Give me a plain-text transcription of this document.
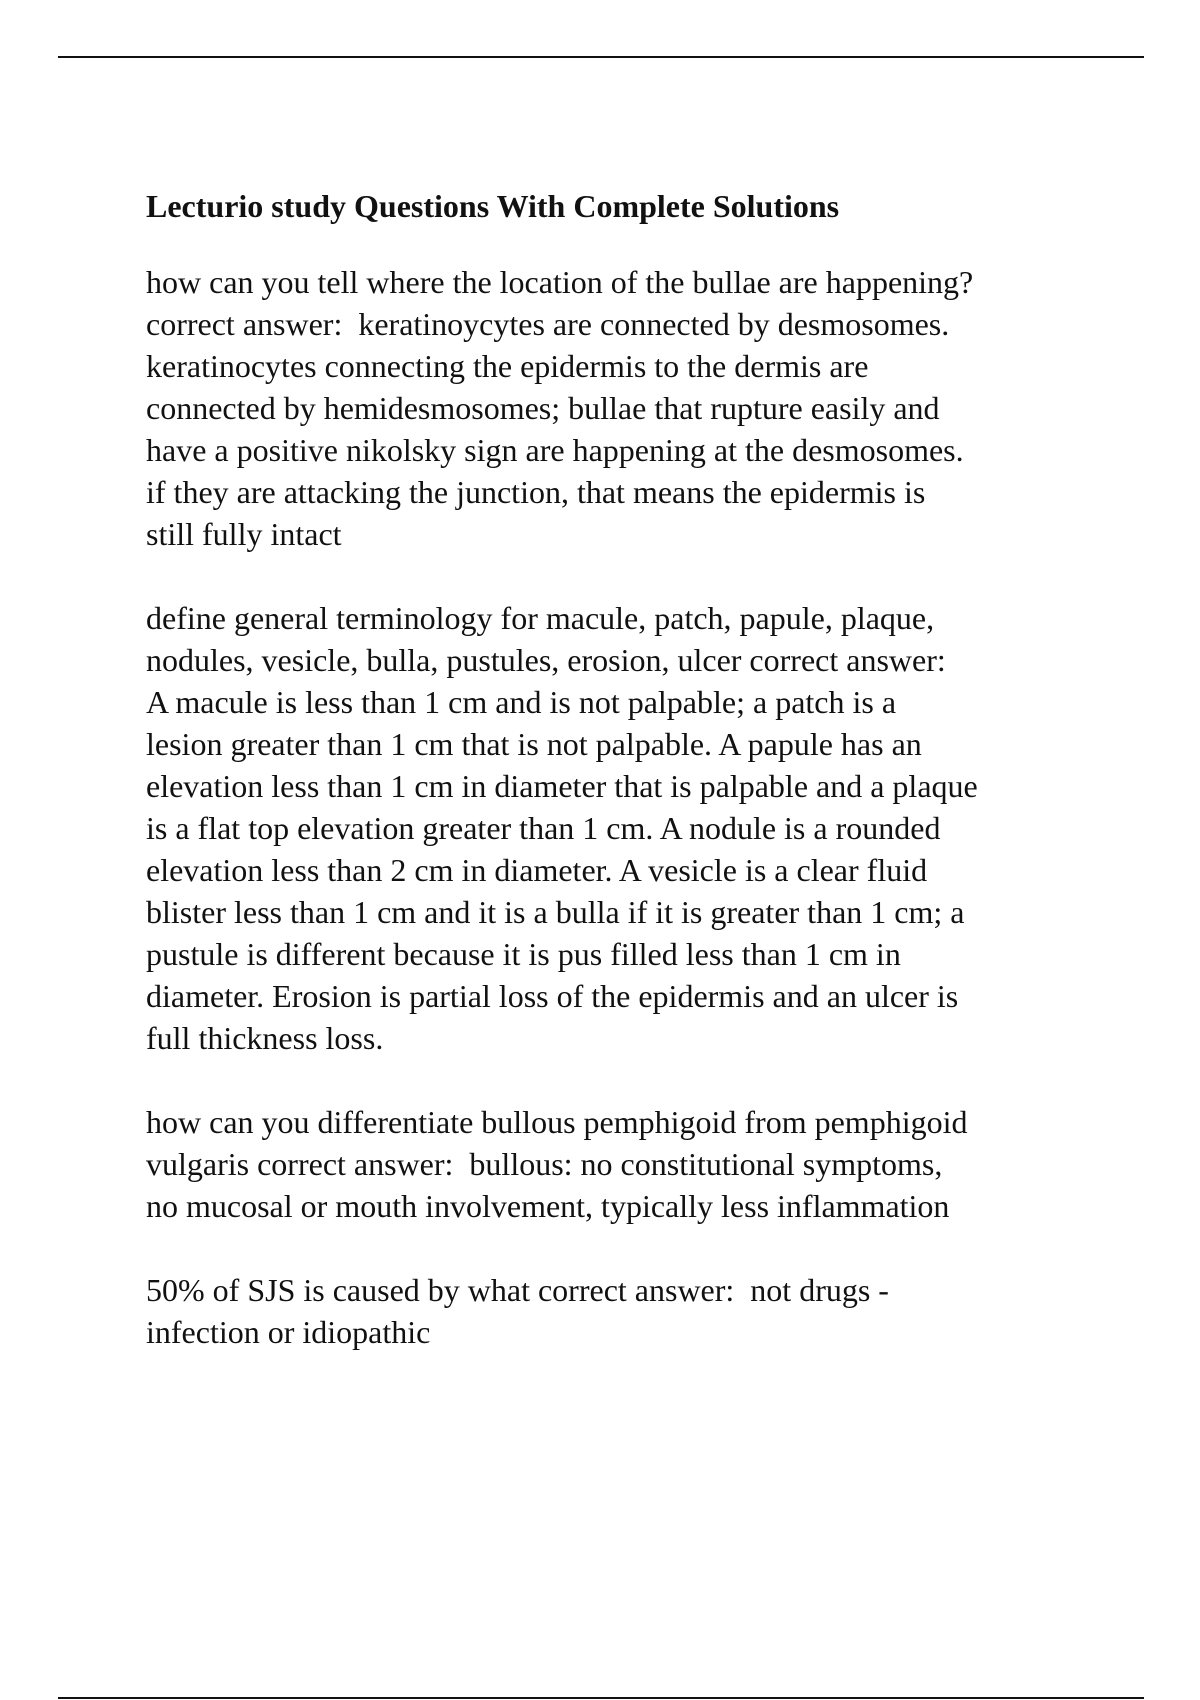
Lecturio study Questions With Complete Solutions
how can you tell where the location of the bullae are happening?
correct answer:  keratinoycytes are connected by desmosomes.
keratinocytes connecting the epidermis to the dermis are
connected by hemidesmosomes; bullae that rupture easily and
have a positive nikolsky sign are happening at the desmosomes.
if they are attacking the junction, that means the epidermis is
still fully intact
define general terminology for macule, patch, papule, plaque,
nodules, vesicle, bulla, pustules, erosion, ulcer correct answer:
A macule is less than 1 cm and is not palpable; a patch is a
lesion greater than 1 cm that is not palpable. A papule has an
elevation less than 1 cm in diameter that is palpable and a plaque
is a flat top elevation greater than 1 cm. A nodule is a rounded
elevation less than 2 cm in diameter. A vesicle is a clear fluid
blister less than 1 cm and it is a bulla if it is greater than 1 cm; a
pustule is different because it is pus filled less than 1 cm in
diameter. Erosion is partial loss of the epidermis and an ulcer is
full thickness loss.
how can you differentiate bullous pemphigoid from pemphigoid
vulgaris correct answer:  bullous: no constitutional symptoms,
no mucosal or mouth involvement, typically less inflammation
50% of SJS is caused by what correct answer:  not drugs -
infection or idiopathic
